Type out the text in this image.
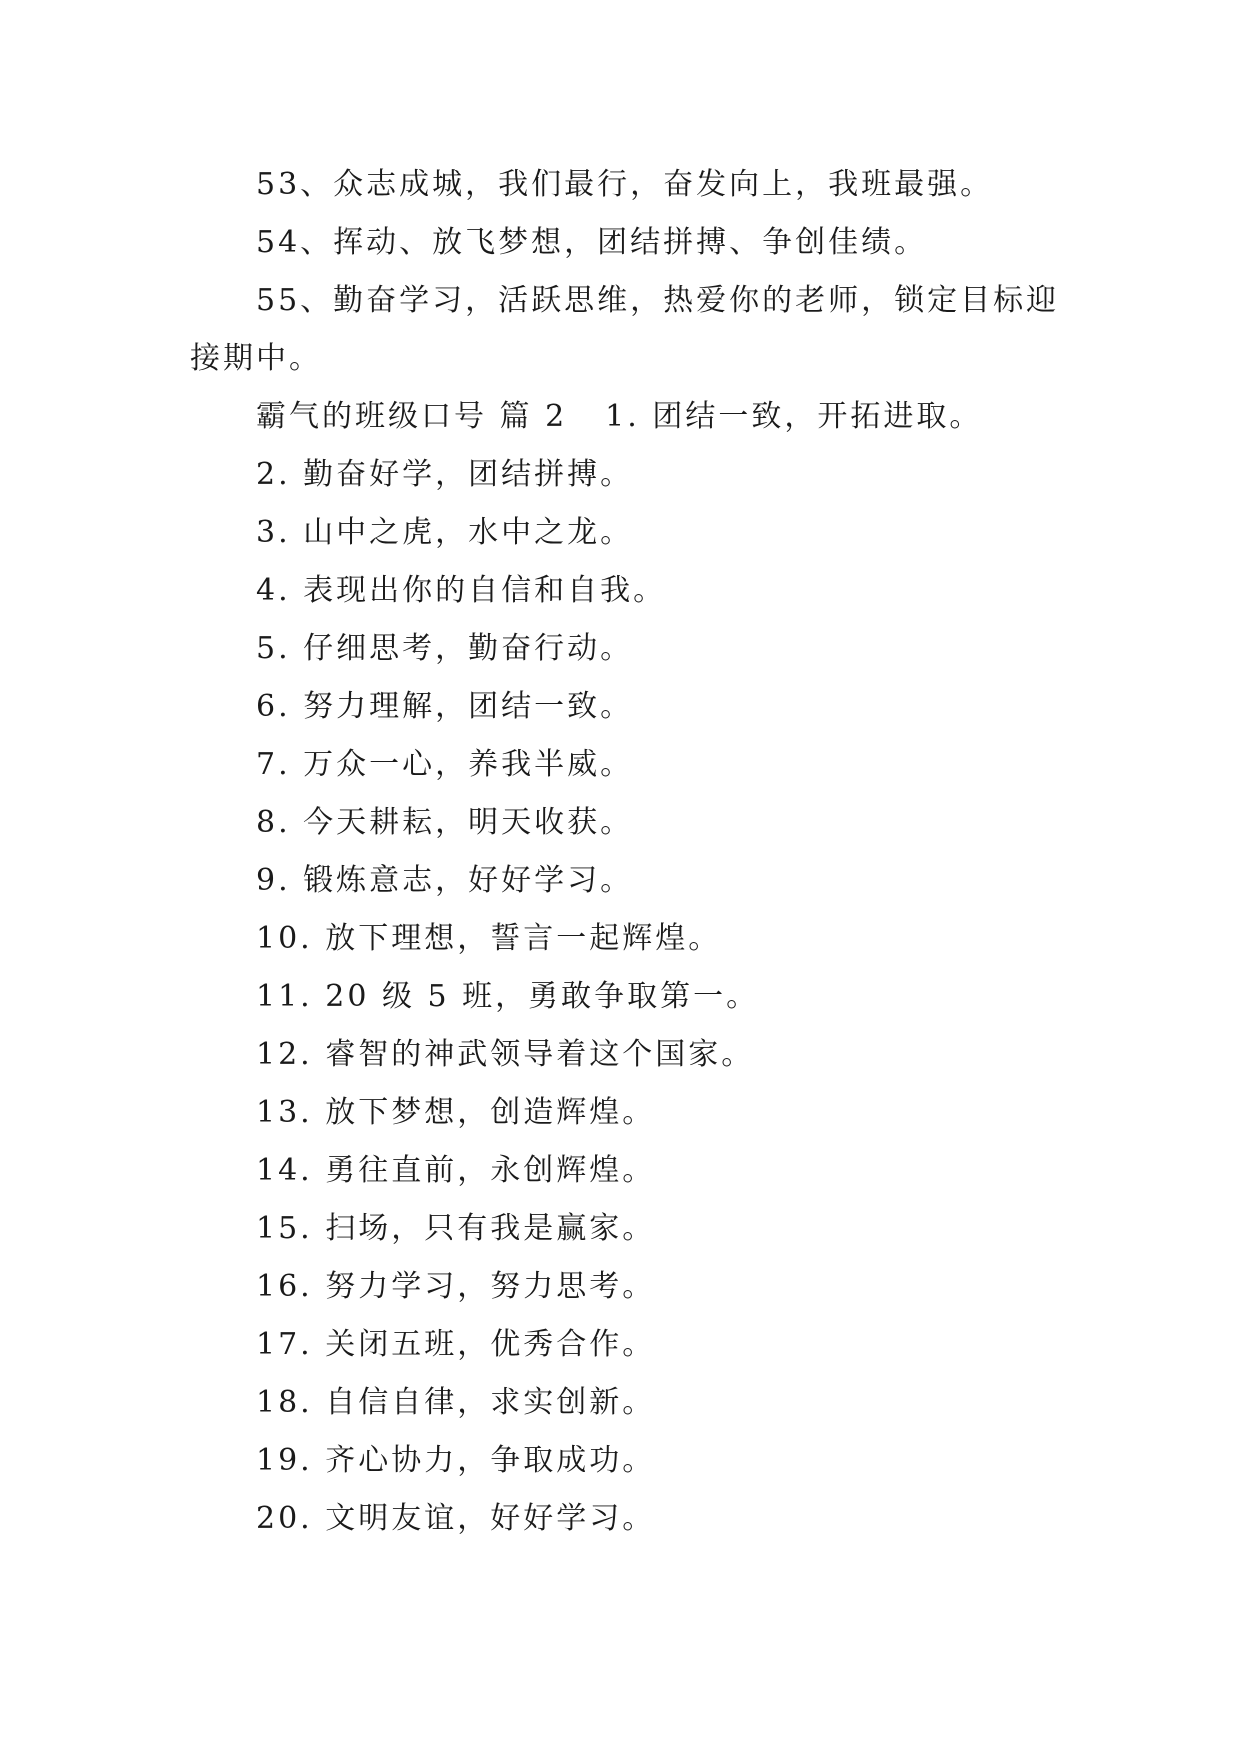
53、众志成城，我们最行，奋发向上，我班最强。
54、挥动、放飞梦想，团结拼搏、争创佳绩。
55、勤奋学习，活跃思维，热爱你的老师，锁定目标迎
接期中。
霸气的班级口号 篇 2 1. 团结一致，开拓进取。
2. 勤奋好学，团结拼搏。
3. 山中之虎，水中之龙。
4. 表现出你的自信和自我。
5. 仔细思考，勤奋行动。
6. 努力理解，团结一致。
7. 万众一心，养我半威。
8. 今天耕耘，明天收获。
9. 锻炼意志，好好学习。
10. 放下理想，誓言一起辉煌。
11. 20 级 5 班，勇敢争取第一。
12. 睿智的神武领导着这个国家。
13. 放下梦想，创造辉煌。
14. 勇往直前，永创辉煌。
15. 扫场，只有我是赢家。
16. 努力学习，努力思考。
17. 关闭五班，优秀合作。
18. 自信自律，求实创新。
19. 齐心协力，争取成功。
20. 文明友谊，好好学习。
